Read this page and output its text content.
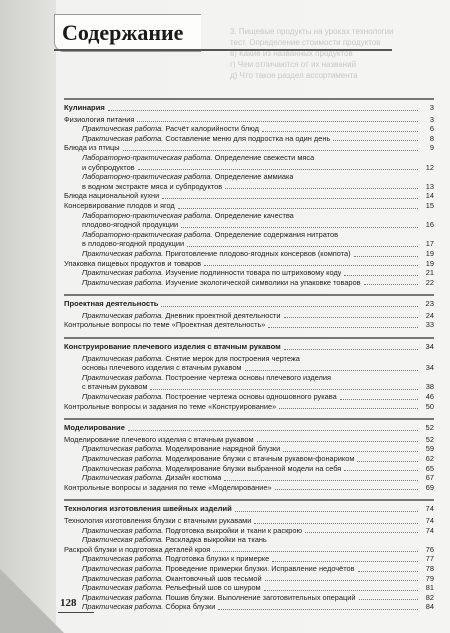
3. Пищевые продукты на уроках технологии
тест. Определение стоимости продуктов
в) Какие из названных продуктов
г) Чем отличаются от их названий
д) Что такое раздел ассортимента
Содержание
Кулинария	3
Физиология питания	3
Практическая работа. Расчёт калорийности блюд	6
Практическая работа. Составление меню для подростка на один день	8
Блюда из птицы	9
Лабораторно-практическая работа. Определение свежести мяса
и субпродуктов	12
Лабораторно-практическая работа. Определение аммиака
в водном экстракте мяса и субпродуктов	13
Блюда национальной кухни	14
Консервирование плодов и ягод	15
Лабораторно-практическая работа. Определение качества
плодово-ягодной продукции	16
Лабораторно-практическая работа. Определение содержания нитратов
в плодово-ягодной продукции	17
Практическая работа. Приготовление плодово-ягодных консервов (компота)	19
Упаковка пищевых продуктов и товаров	19
Практическая работа. Изучение подлинности товара по штриховому коду	21
Практическая работа. Изучение экологической символики на упаковке товаров	22
Проектная деятельность	23
Практическая работа. Дневник проектной деятельности	24
Контрольные вопросы по теме «Проектная деятельность»	33
Конструирование плечевого изделия с втачным рукавом	34
Практическая работа. Снятие мерок для построения чертежа
основы плечевого изделия с втачным рукавом	34
Практическая работа. Построение чертежа основы плечевого изделия
с втачным рукавом	38
Практическая работа. Построение чертежа основы одношовного рукава	46
Контрольные вопросы и задания по теме «Конструирование»	50
Моделирование	52
Моделирование плечевого изделия с втачным рукавом	52
Практическая работа. Моделирование нарядной блузки	59
Практическая работа. Моделирование блузки с втачным рукавом-фонариком	62
Практическая работа. Моделирование блузки выбранной модели на себя	65
Практическая работа. Дизайн костюма	67
Контрольные вопросы и задания по теме «Моделирование»	69
Технология изготовления швейных изделий	74
Технология изготовления блузки с втачными рукавами	74
Практическая работа. Подготовка выкройки и ткани к раскрою	74
Практическая работа. Раскладка выкройки на ткань
Раскрой блузки и подготовка деталей кроя	76
Практическая работа. Подготовка блузки к примерке	77
Практическая работа. Проведение примерки блузки. Исправление недочётов	78
Практическая работа. Окантовочный шов тесьмой	79
Практическая работа. Рельефный шов со шнуром	81
Практическая работа. Пошив блузки. Выполнение заготовительных операций	82
Практическая работа. Сборка блузки	84
128
